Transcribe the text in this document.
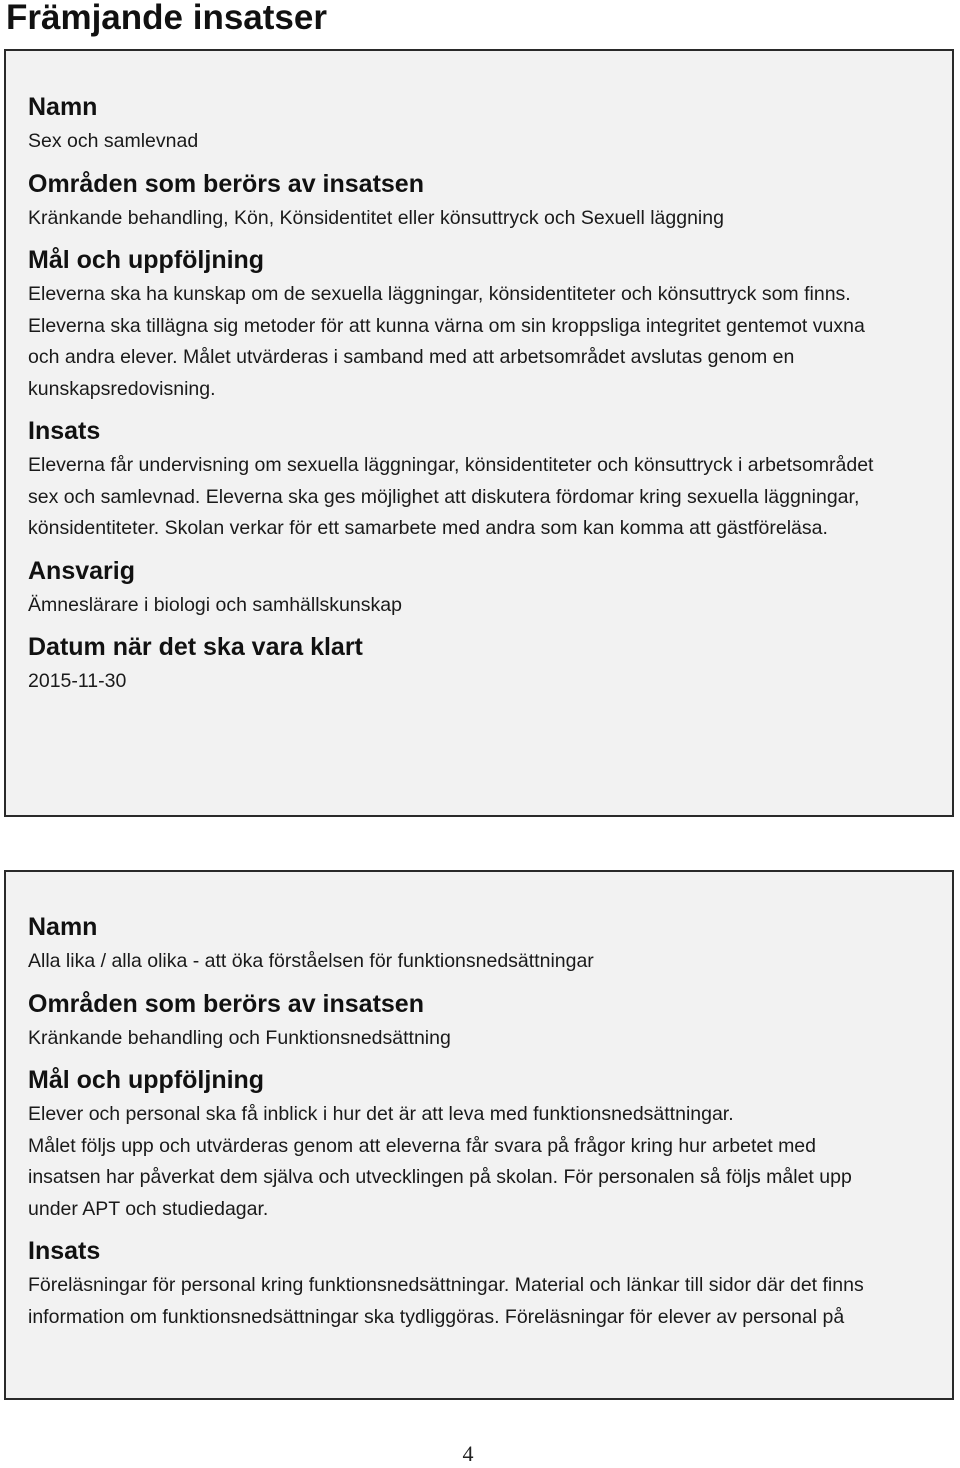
Främjande insatser
Namn

Sex och samlevnad

Områden som berörs av insatsen

Kränkande behandling, Kön, Könsidentitet eller könsuttryck och Sexuell läggning

Mål och uppföljning

Eleverna ska ha kunskap om de sexuella läggningar, könsidentiteter och könsuttryck som finns.

Eleverna ska tillägna sig metoder för att kunna värna om sin kroppsliga integritet gentemot vuxna

och andra elever. Målet utvärderas i samband med att arbetsområdet avslutas genom en

kunskapsredovisning.

Insats

Eleverna får undervisning om sexuella läggningar, könsidentiteter och könsuttryck i arbetsområdet

sex och samlevnad. Eleverna ska ges möjlighet att diskutera fördomar kring sexuella läggningar,

könsidentiteter. Skolan verkar för ett samarbete med andra som kan komma att gästföreläsa.

Ansvarig

Ämneslärare i biologi och samhällskunskap

Datum när det ska vara klart

2015-11-30

Namn

Alla lika / alla olika - att öka förståelsen för funktionsnedsättningar

Områden som berörs av insatsen

Kränkande behandling och Funktionsnedsättning

Mål och uppföljning

Elever och personal ska få inblick i hur det är att leva med funktionsnedsättningar.

Målet följs upp och utvärderas genom att eleverna får svara på frågor kring hur arbetet med

insatsen har påverkat dem själva och utvecklingen på skolan. För personalen så följs målet upp

under APT och studiedagar.

Insats

Föreläsningar för personal kring funktionsnedsättningar. Material och länkar till sidor där det finns

information om funktionsnedsättningar ska tydliggöras. Föreläsningar för elever av personal på

4
